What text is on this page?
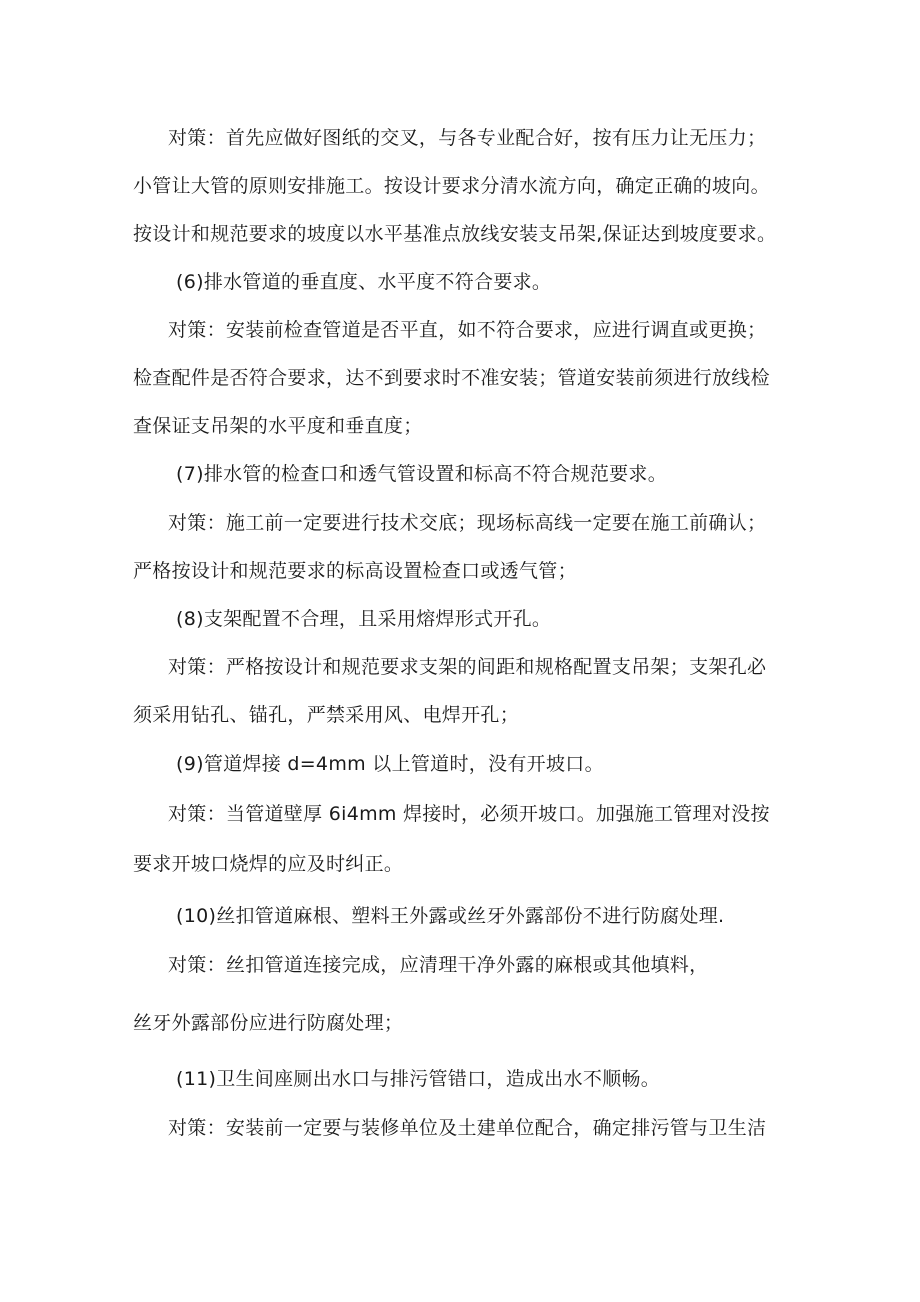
对策：首先应做好图纸的交叉，与各专业配合好，按有压力让无压力；
小管让大管的原则安排施工。按设计要求分清水流方向，确定正确的坡向。
按设计和规范要求的坡度以水平基准点放线安装支吊架,保证达到坡度要求。
(6)排水管道的垂直度、水平度不符合要求。
对策：安装前检查管道是否平直，如不符合要求，应进行调直或更换；
检查配件是否符合要求，达不到要求时不准安装；管道安装前须进行放线检
查保证支吊架的水平度和垂直度；
(7)排水管的检查口和透气管设置和标高不符合规范要求。
对策：施工前一定要进行技术交底；现场标高线一定要在施工前确认；
严格按设计和规范要求的标高设置检查口或透气管；
(8)支架配置不合理，且采用熔焊形式开孔。
对策：严格按设计和规范要求支架的间距和规格配置支吊架；支架孔必
须采用钻孔、锚孔，严禁采用风、电焊开孔；
(9)管道焊接 d=4mm 以上管道时，没有开坡口。
对策：当管道壁厚 6i4mm 焊接时，必须开坡口。加强施工管理对没按
要求开坡口烧焊的应及时纠正。
(10)丝扣管道麻根、塑料王外露或丝牙外露部份不进行防腐处理.
对策：丝扣管道连接完成，应清理干净外露的麻根或其他填料，
丝牙外露部份应进行防腐处理；
(11)卫生间座厕出水口与排污管错口，造成出水不顺畅。
对策：安装前一定要与装修单位及土建单位配合，确定排污管与卫生洁
